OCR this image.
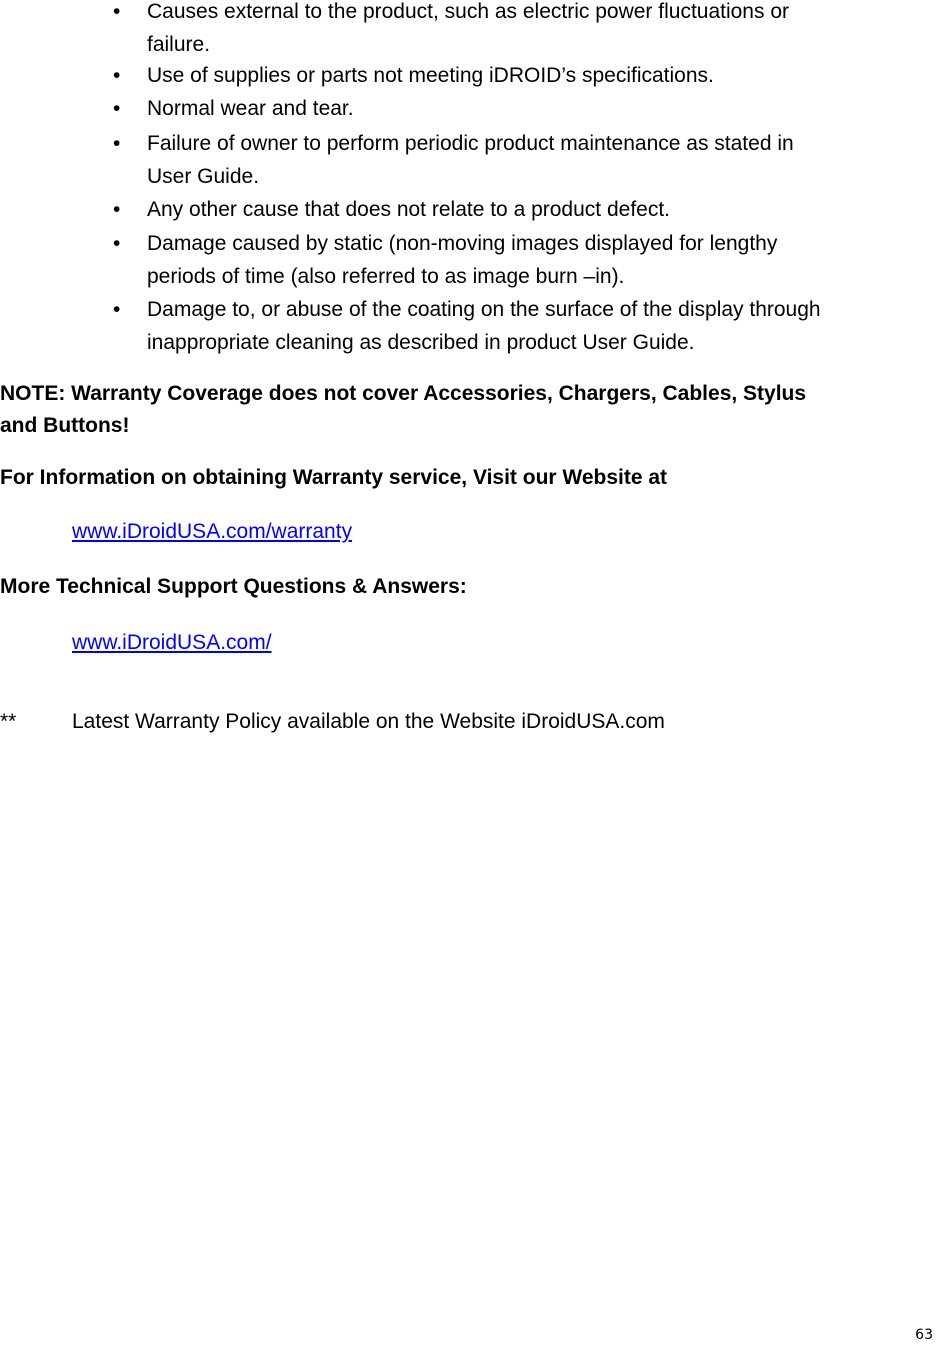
• Causes external to the product, such as electric power fluctuations or
failure.
• Use of supplies or parts not meeting iDROID’s specifications.
• Normal wear and tear.
• Failure of owner to perform periodic product maintenance as stated in
User Guide.
• Any other cause that does not relate to a product defect.
• Damage caused by static (non-moving images displayed for lengthy
periods of time (also referred to as image burn –in).
• Damage to, or abuse of the coating on the surface of the display through
inappropriate cleaning as described in product User Guide.
NOTE: Warranty Coverage does not cover Accessories, Chargers, Cables, Stylus
and Buttons!
For Information on obtaining Warranty service, Visit our Website at
www.iDroidUSA.com/warranty
More Technical Support Questions & Answers:
www.iDroidUSA.com/
**	Latest Warranty Policy available on the Website iDroidUSA.com
63
